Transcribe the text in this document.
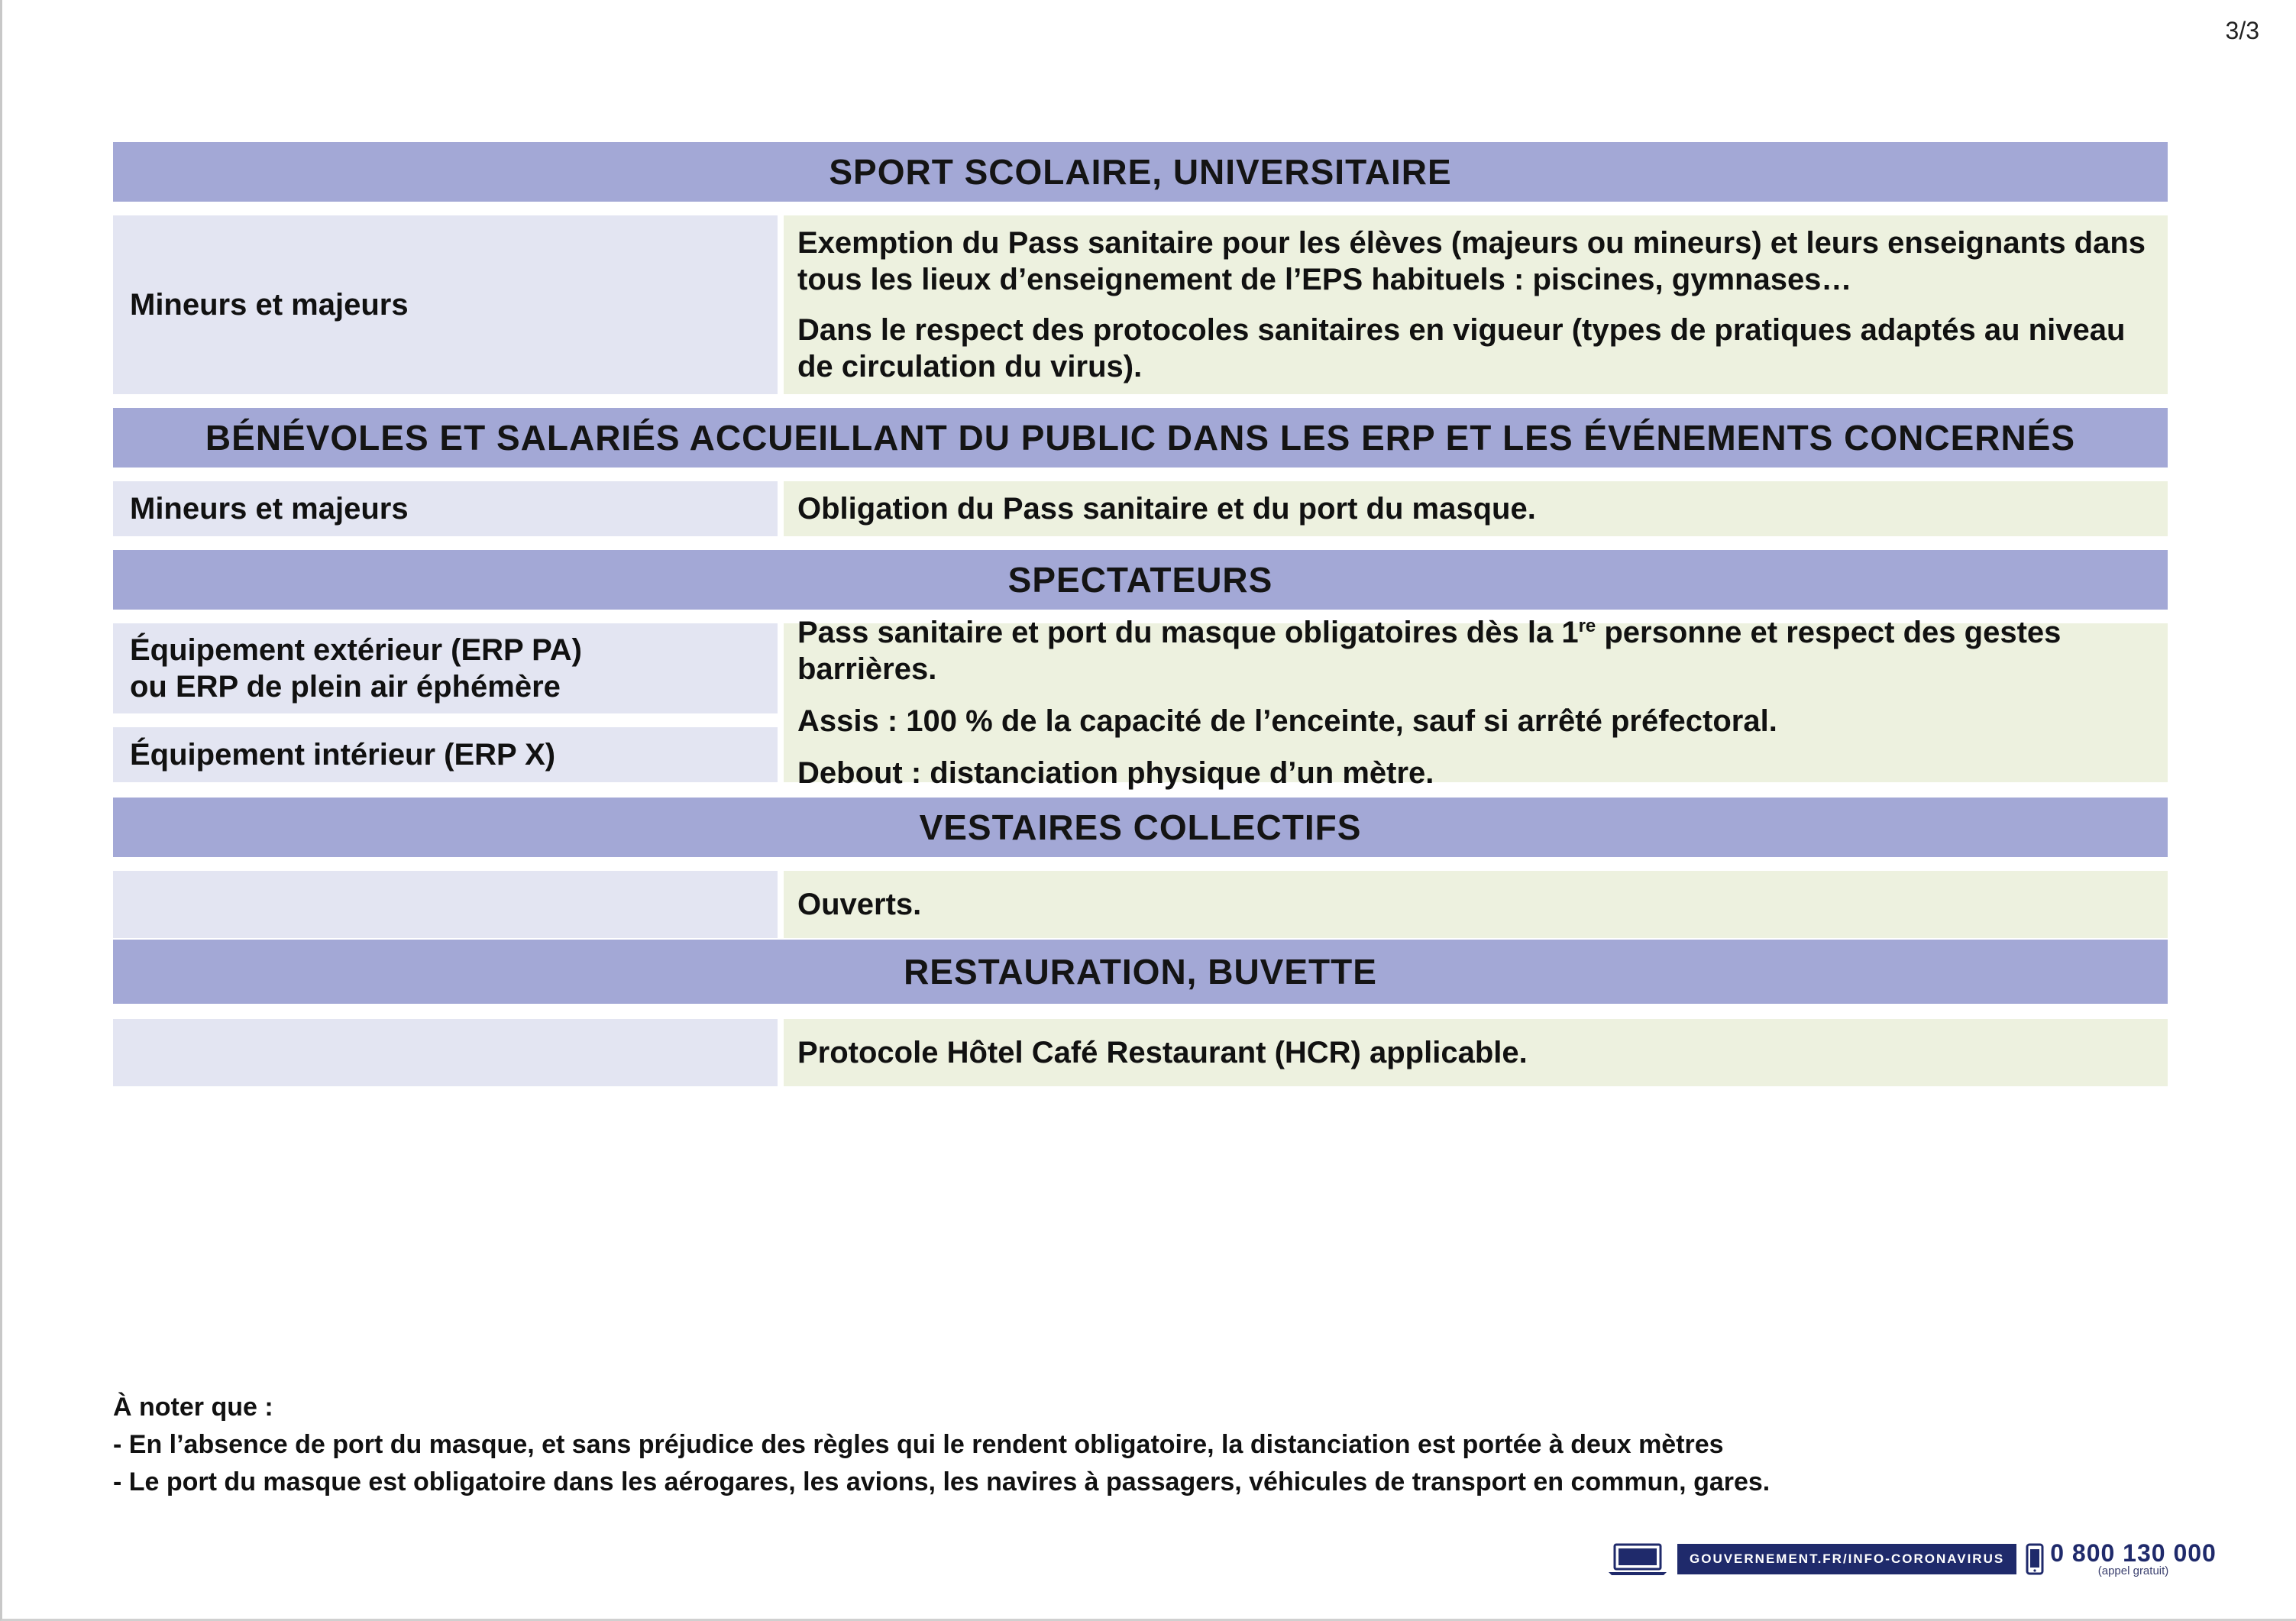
3/3
SPORT SCOLAIRE, UNIVERSITAIRE
Mineurs et majeurs

Exemption du Pass sanitaire pour les élèves (majeurs ou mineurs) et leurs enseignants dans tous les lieux d’enseignement de l’EPS habituels : piscines, gymnases…

Dans le respect des protocoles sanitaires en vigueur (types de pratiques adaptés au niveau de circulation du virus).

BÉNÉVOLES ET SALARIÉS ACCUEILLANT DU PUBLIC DANS LES ERP ET LES ÉVÉNEMENTS CONCERNÉS
Mineurs et majeurs	Obligation du Pass sanitaire et du port du masque.

SPECTATEURS
Équipement extérieur (ERP PA)
ou ERP de plein air éphémère
Équipement intérieur (ERP X)

Pass sanitaire et port du masque obligatoires dès la 1re personne et respect des gestes barrières.

Assis : 100 % de la capacité de l’enceinte, sauf si arrêté préfectoral.

Debout : distanciation physique d’un mètre.

VESTAIRES COLLECTIFS

Ouverts.

RESTAURATION, BUVETTE

Protocole Hôtel Café Restaurant (HCR) applicable.

À noter que :
- En l’absence de port du masque, et sans préjudice des règles qui le rendent obligatoire, la distanciation est portée à deux mètres
- Le port du masque est obligatoire dans les aérogares, les avions, les navires à passagers, véhicules de transport en commun, gares.
GOUVERNEMENT.FR/INFO-CORONAVIRUS	0 800 130 000
(appel gratuit)
